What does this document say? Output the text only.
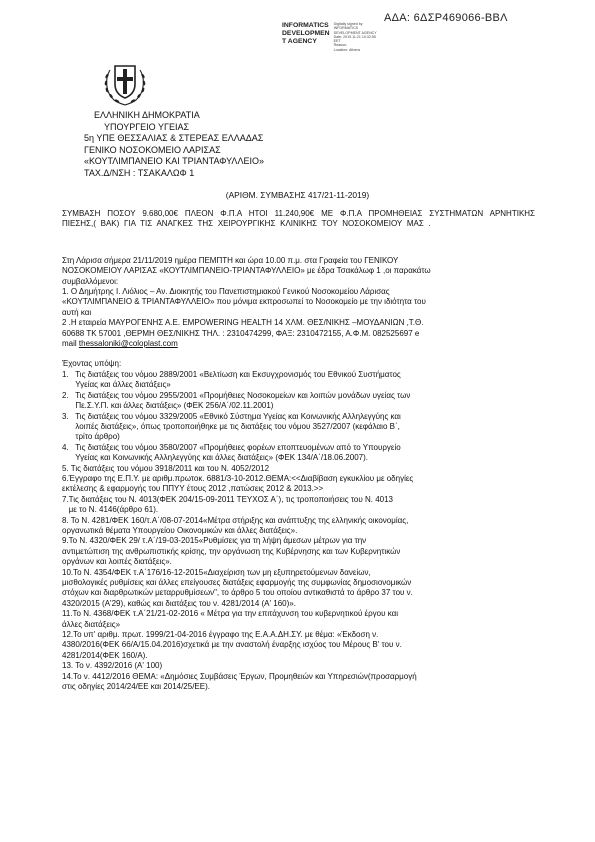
ΑΔΑ: 6ΔΣΡ469066-ΒΒΛ
INFORMATICS
DEVELOPMEN
T AGENCY
Digitally signed by
INFORMATICS
DEVELOPMENT AGENCY
Date: 2019.11.21 10:32:55
EET
Reason:
Location: Athens
ΕΛΛΗΝΙΚΗ ΔΗΜΟΚΡΑΤΙΑ
ΥΠΟΥΡΓΕΙΟ ΥΓΕΙΑΣ
5η ΥΠΕ ΘΕΣΣΑΛΙΑΣ & ΣΤΕΡΕΑΣ ΕΛΛΑΔΑΣ
ΓΕΝΙΚΟ ΝΟΣΟΚΟΜΕΙΟ ΛΑΡΙΣΑΣ
«ΚΟΥΤΛΙΜΠΑΝΕΙΟ ΚΑΙ ΤΡΙΑΝΤΑΦΥΛΛΕΙΟ»
ΤΑΧ.Δ/ΝΣΗ : ΤΣΑΚΑΛΩΦ 1
(ΑΡΙΘΜ. ΣΥΜΒΑΣΗΣ 417/21-11-2019)

ΣΥΜΒΑΣΗ ΠΟΣΟΥ 9.680,00€ ΠΛΕΟΝ Φ.Π.Α ΗΤΟΙ 11.240,90€ ΜΕ Φ.Π.Α ΠΡΟΜΗΘΕΙΑΣ ΣΥΣΤΗΜΑΤΩΝ ΑΡΝΗΤΙΚΗΣ ΠΙΕΣΗΣ,( ΒΑΚ) ΓΙΑ ΤΙΣ ΑΝΑΓΚΕΣ ΤΗΣ ΧΕΙΡΟΥΡΓΙΚΗΣ ΚΛΙΝΙΚΗΣ ΤΟΥ ΝΟΣΟΚΟΜΕΙΟΥ ΜΑΣ .

Στη Λάρισα σήμερα 21/11/2019 ημέρα ΠΕΜΠΤΗ και ώρα 10.00 π.μ. στα Γραφεία του ΓΕΝΙΚΟΥ

ΝΟΣΟΚΟΜΕΙΟΥ ΛΑΡΙΣΑΣ «ΚΟΥΤΛΙΜΠΑΝΕΙΟ-ΤΡΙΑΝΤΑΦΥΛΛΕΙΟ» με έδρα Τσακάλωφ 1 ,οι παρακάτω

συμβαλλόμενοι:

1. Ο Δημήτρης Ι. Λιόλιος – Αν. Διοικητής του Πανεπιστημιακού Γενικού Νοσοκομείου Λάρισας

«ΚΟΥΤΛΙΜΠΑΝΕΙΟ & ΤΡΙΑΝΤΑΦΥΛΛΕΙΟ» που μόνιμα εκπροσωπεί το Νοσοκομείο με την ιδιότητα του

αυτή και

2 .Η εταιρεία ΜΑΥΡΟΓΕΝΗΣ Α.Ε. EMPOWERING HEALTH 14 ΧΛΜ. ΘΕΣ/ΝΙΚΗΣ –ΜΟΥΔΑΝΙΩΝ ,Τ.Θ.

60688 ΤΚ 57001 ,ΘΕΡΜΗ ΘΕΣ/ΝΙΚΗΣ ΤΗΛ. : 2310474299, ΦΑΞ: 2310472155, Α.Φ.Μ. 082525697 e

mail thessaloniki@coloplast.com

Έχοντας υπόψη:

1.   Τις διατάξεις του νόμου 2889/2001 «Βελτίωση και Εκσυγχρονισμός του Εθνικού Συστήματος

Υγείας και άλλες διατάξεις»

2.   Τις διατάξεις του νόμου 2955/2001 «Προμήθειες Νοσοκομείων και λοιπών μονάδων υγείας των

Πε.Σ.Υ.Π. και άλλες διατάξεις» (ΦΕΚ 256/Α΄/02.11.2001)

3.   Τις διατάξεις του νόμου 3329/2005 «Εθνικό Σύστημα Υγείας και Κοινωνικής Αλληλεγγύης και

λοιπές διατάξεις», όπως τροποποιήθηκε με τις διατάξεις του νόμου 3527/2007 (κεφάλαιο Β΄,

τρίτο άρθρο)

4.   Τις διατάξεις του νόμου 3580/2007 «Προμήθειες φορέων εποπτευομένων από το Υπουργείο

Υγείας και Κοινωνικής Αλληλεγγύης και άλλες διατάξεις» (ΦΕΚ 134/Α΄/18.06.2007).

5. Τις διατάξεις του νόμου 3918/2011 και του Ν. 4052/2012

6.Έγγραφο της Ε.Π.Υ. με αριθμ.πρωτοκ. 6881/3-10-2012.ΘΕΜΑ:<<Διαβίβαση εγκυκλίου με οδηγίες

εκτέλεσης & εφαρμογής του ΠΠΥΥ έτους 2012 ,πατώσεις 2012 & 2013.>>

7.Τις διατάξεις του Ν. 4013(ΦΕΚ 204/15-09-2011 ΤΕΥΧΟΣ Α΄), τις τροποποιήσεις του Ν. 4013

με το Ν. 4146(άρθρο 61).

8. Το Ν. 4281/ΦΕΚ 160/τ.Α΄/08-07-2014«Μέτρα στήριξης και ανάπτυξης της ελληνικής οικονομίας,

οργανωτικά θέματα Υπουργείου Οικονομικών και άλλες διατάξεις».

9.Το Ν. 4320/ΦΕΚ 29/ τ.Α΄/19-03-2015«Ρυθμίσεις για τη λήψη άμεσων μέτρων για την

αντιμετώπιση της ανθρωπιστικής κρίσης, την οργάνωση της Κυβέρνησης και των Κυβερνητικών

οργάνων και λοιπές διατάξεις».

10.Το Ν. 4354/ΦΕΚ τ.Α΄176/16-12-2015«Διαχείριση των μη εξυπηρετούμενων δανείων,

μισθολογικές ρυθμίσεις και άλλες επείγουσες διατάξεις εφαρμογής της συμφωνίας δημοσιονομικών

στόχων και διαρθρωτικών μεταρρυθμίσεων", το άρθρο 5 του οποίου αντικαθιστά το άρθρο 37 του ν.

4320/2015 (Α'29), καθώς και διατάξεις του ν. 4281/2014 (Α' 160)».

11.Το Ν. 4368/ΦΕΚ τ.Α΄21/21-02-2016 « Μέτρα για την επιτάχυνση του κυβερνητικού έργου και

άλλες διατάξεις»

12.Το υπ' αριθμ. πρωτ. 1999/21-04-2016 έγγραφο της Ε.Α.Α.ΔΗ.ΣΥ. με θέμα: «Έκδοση ν.

4380/2016(ΦΕΚ 66/Α/15.04.2016)σχετικά με την αναστολή έναρξης ισχύος του Μέρους Β' του ν.

4281/2014(ΦΕΚ 160/Α).

13. Το ν. 4392/2016 (Α' 100)

14.Το ν. 4412/2016 ΘΕΜΑ: «Δημόσιες Συμβάσεις Έργων, Προμηθειών και Υπηρεσιών(προσαρμογή

στις οδηγίες 2014/24/ΕΕ και 2014/25/ΕΕ).
